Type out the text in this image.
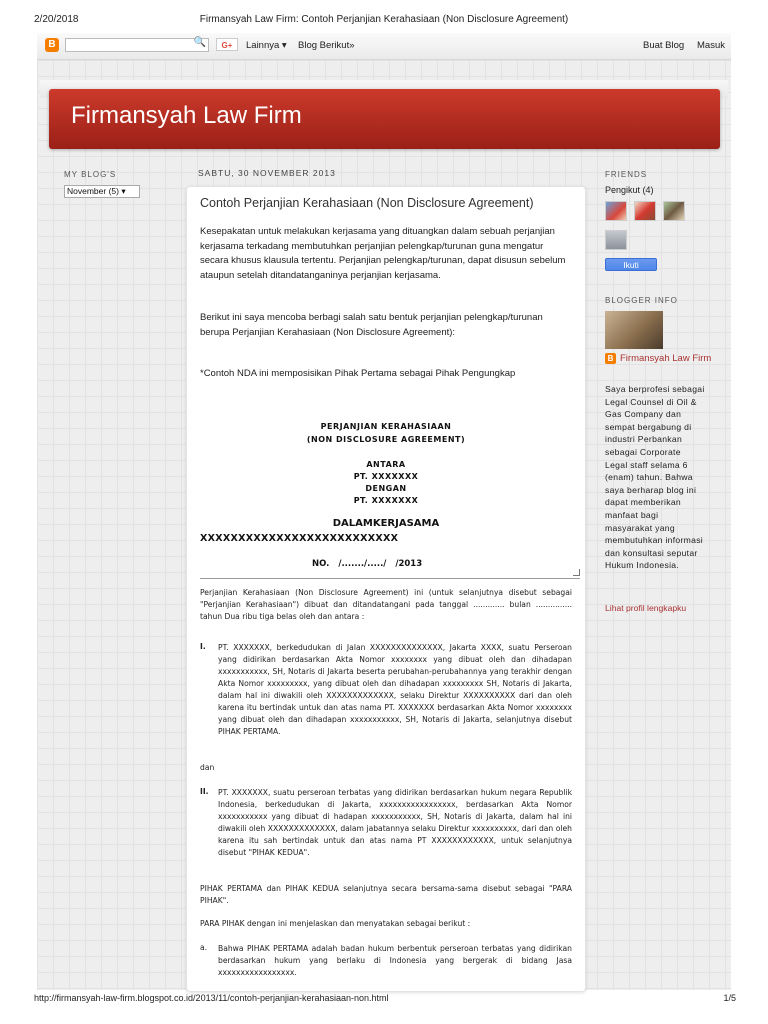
2/20/2018	Firmansyah Law Firm: Contoh Perjanjian Kerahasiaan (Non Disclosure Agreement)
B	🔍	G+	Lainnya ▾ Blog Berikut»	Buat Blog Masuk
Firmansyah Law Firm
MY BLOG'S
November (5) ▾
SABTU, 30 NOVEMBER 2013
Contoh Perjanjian Kerahasiaan (Non Disclosure Agreement)
Kesepakatan untuk melakukan kerjasama yang dituangkan dalam sebuah perjanjian kerjasama terkadang membutuhkan perjanjian pelengkap/turunan guna mengatur secara khusus klausula tertentu. Perjanjian pelengkap/turunan, dapat disusun sebelum ataupun setelah ditandatanganinya perjanjian kerjasama.
Berikut ini saya mencoba berbagi salah satu bentuk perjanjian pelengkap/turunan berupa Perjanjian Kerahasiaan (Non Disclosure Agreement):
*Contoh NDA ini memposisikan Pihak Pertama sebagai Pihak Pengungkap
PERJANJIAN KERAHASIAAN
(NON DISCLOSURE AGREEMENT)
ANTARA
PT. XXXXXXX
DENGAN
PT. XXXXXXX
DALAMKERJASAMA
XXXXXXXXXXXXXXXXXXXXXXXXXX
NO. /......./...../ /2013
Perjanjian Kerahasiaan (Non Disclosure Agreement) ini (untuk selanjutnya disebut sebagai "Perjanjian Kerahasiaan") dibuat dan ditandatangani pada tanggal ............. bulan ............... tahun Dua ribu tiga belas oleh dan antara :
I. PT. XXXXXXX, berkedudukan di Jalan XXXXXXXXXXXXXX, Jakarta XXXX, suatu Perseroan yang didirikan berdasarkan Akta Nomor xxxxxxxx yang dibuat oleh dan dihadapan xxxxxxxxxxx, SH, Notaris di Jakarta beserta perubahan-perubahannya yang terakhir dengan Akta Nomor xxxxxxxxx, yang dibuat oleh dan dihadapan xxxxxxxxx SH, Notaris di Jakarta, dalam hal ini diwakili oleh XXXXXXXXXXXXX, selaku Direktur XXXXXXXXXX dari dan oleh karena itu bertindak untuk dan atas nama PT. XXXXXXX berdasarkan Akta Nomor xxxxxxxx yang dibuat oleh dan dihadapan xxxxxxxxxxx, SH, Notaris di Jakarta, selanjutnya disebut PIHAK PERTAMA.
dan
II. PT. XXXXXXX, suatu perseroan terbatas yang didirikan berdasarkan hukum negara Republik Indonesia, berkedudukan di Jakarta, xxxxxxxxxxxxxxxxx, berdasarkan Akta Nomor xxxxxxxxxxx yang dibuat di hadapan xxxxxxxxxxx, SH, Notaris di Jakarta, dalam hal ini diwakili oleh XXXXXXXXXXXXX, dalam jabatannya selaku Direktur xxxxxxxxxx, dari dan oleh karena itu sah bertindak untuk dan atas nama PT XXXXXXXXXXXX, untuk selanjutnya disebut "PIHAK KEDUA".
PIHAK PERTAMA dan PIHAK KEDUA selanjutnya secara bersama-sama disebut sebagai "PARA PIHAK".
PARA PIHAK dengan ini menjelaskan dan menyatakan sebagai berikut :
a. Bahwa PIHAK PERTAMA adalah badan hukum berbentuk perseroan terbatas yang didirikan berdasarkan hukum yang berlaku di Indonesia yang bergerak di bidang Jasa xxxxxxxxxxxxxxxxx.
FRIENDS
Pengikut (4)
Ikuti
BLOGGER INFO
B Firmansyah Law Firm
Saya berprofesi sebagai Legal Counsel di Oil & Gas Company dan sempat bergabung di industri Perbankan sebagai Corporate Legal staff selama 6 (enam) tahun. Bahwa saya berharap blog ini dapat memberikan manfaat bagi masyarakat yang membutuhkan informasi dan konsultasi seputar Hukum Indonesia.
Lihat profil lengkapku
http://firmansyah-law-firm.blogspot.co.id/2013/11/contoh-perjanjian-kerahasiaan-non.html	1/5
